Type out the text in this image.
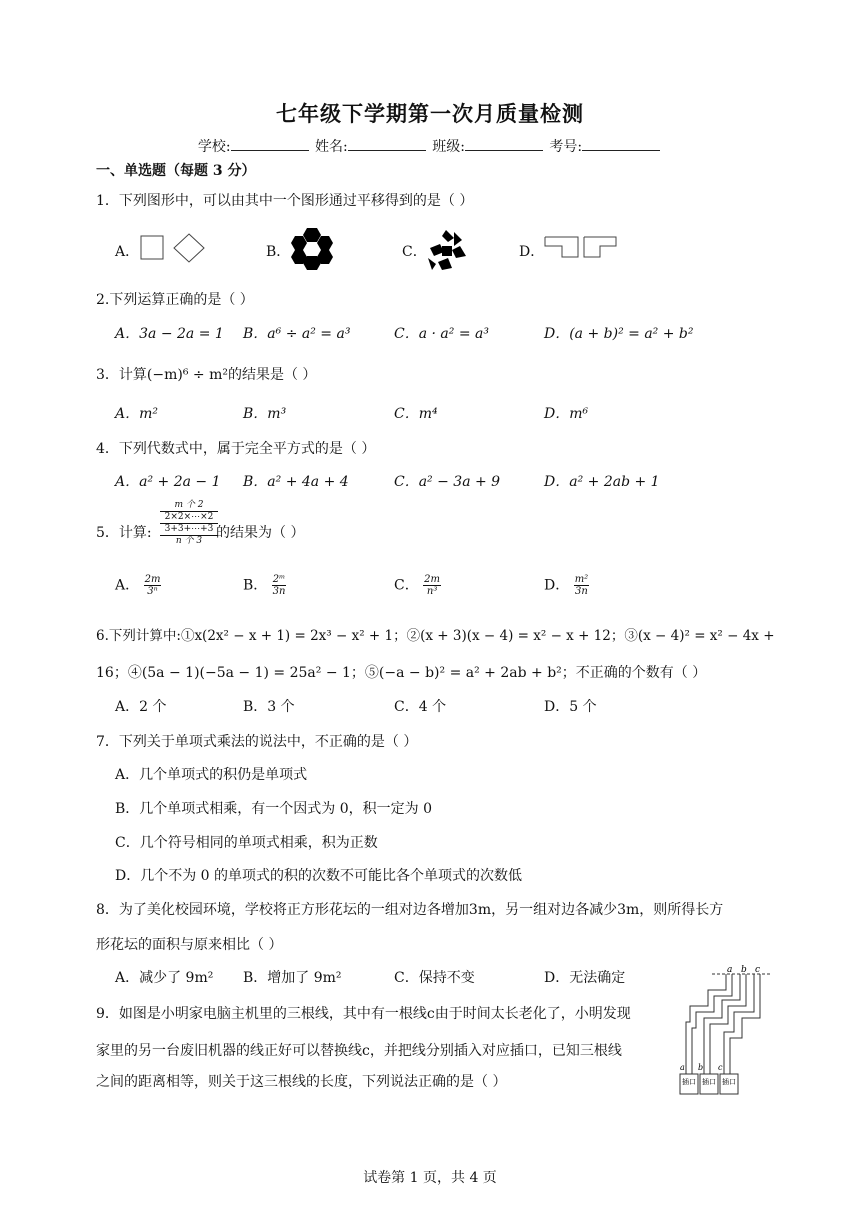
七年级下学期第一次月质量检测
学校:	姓名:	班级:	考号:
一、单选题（每题 3 分）
1．下列图形中，可以由其中一个图形通过平移得到的是（ ）
A．	B．	C．	D．
2.下列运算正确的是（ ）
A．3a − 2a = 1 B．a⁶ ÷ a² = a³	C．a · a² = a³	D．(a + b)² = a² + b²
3．计算(−m)⁶ ÷ m²的结果是（ ）
A．m²	B．m³	C．m⁴	D．m⁶
4．下列代数式中，属于完全平方式的是（ ）
A．a² + 2a − 1 B．a² + 4a + 4	C．a² − 3a + 9	D．a² + 2ab + 1
5．计算:
m 个 2
2×2×⋯×2
3+3+⋯+3
n 个 3 的结果为（ ）
A． $\frac{2m}{\text{3ⁿ}}$	B． $\frac{\text{2ᵐ}}{3n}$	C． $\frac{2m}{\text{n³}}$	D． $\frac{\text{m²}}{3n}$
6.下列计算中:①x(2x² − x + 1) = 2x³ − x² + 1；②(x + 3)(x − 4) = x² − x + 12；③(x − 4)² = x² − 4x +
16；④(5a − 1)(−5a − 1) = 25a² − 1；⑤(−a − b)² = a² + 2ab + b²；不正确的个数有（ ）
A．2 个	B．3 个	C．4 个	D．5 个
7．下列关于单项式乘法的说法中，不正确的是（ ）
A．几个单项式的积仍是单项式
B．几个单项式相乘，有一个因式为 0，积一定为 0
C．几个符号相同的单项式相乘，积为正数
D．几个不为 0 的单项式的积的次数不可能比各个单项式的次数低
8．为了美化校园环境，学校将正方形花坛的一组对边各增加3m，另一组对边各减少3m，则所得长方
形花坛的面积与原来相比（ ）
A．减少了 9m² B．增加了 9m²	C．保持不变	D．无法确定
9．如图是小明家电脑主机里的三根线，其中有一根线c由于时间太长老化了，小明发现
家里的另一台废旧机器的线正好可以替换线c，并把线分别插入对应插口，已知三根线
之间的距离相等，则关于这三根线的长度，下列说法正确的是（ ）
a b c
a b c
插口 插口 插口
试卷第 1 页，共 4 页
